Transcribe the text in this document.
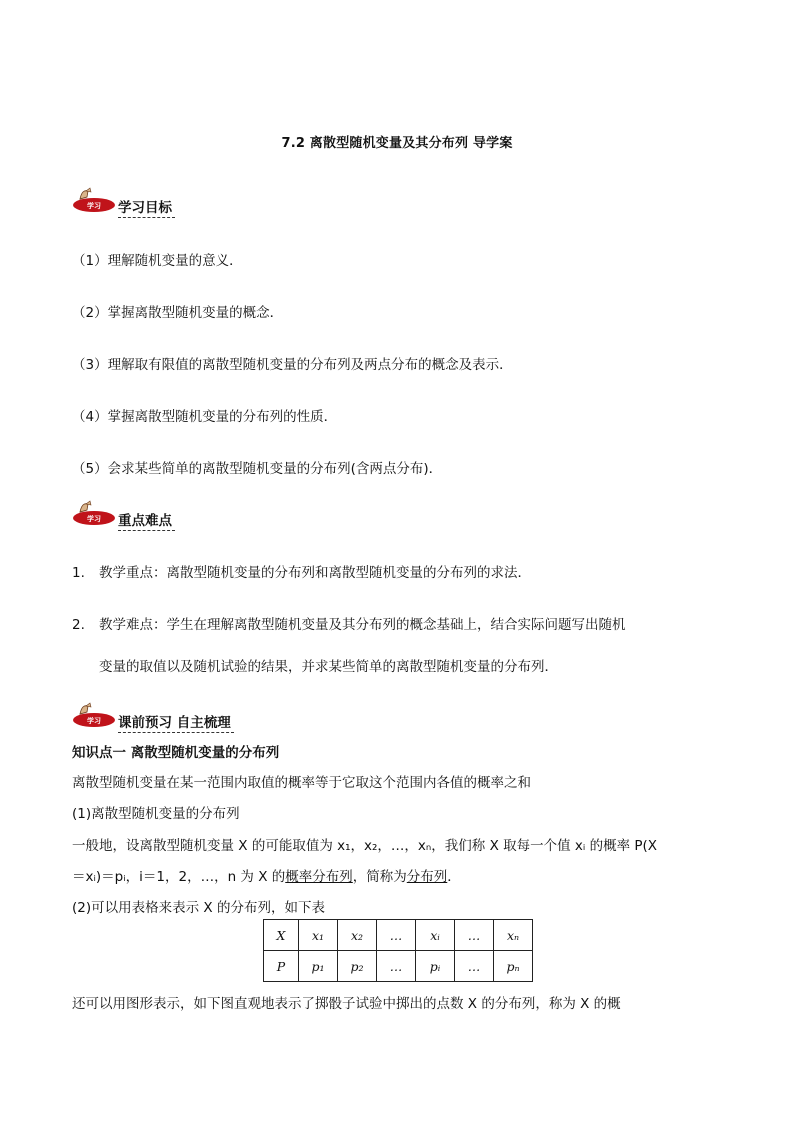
7.2 离散型随机变量及其分布列 导学案
学习 学习目标
（1）理解随机变量的意义．
（2）掌握离散型随机变量的概念．
（3）理解取有限值的离散型随机变量的分布列及两点分布的概念及表示．
（4）掌握离散型随机变量的分布列的性质．
（5）会求某些简单的离散型随机变量的分布列(含两点分布)．
学习 重点难点
1. 教学重点：离散型随机变量的分布列和离散型随机变量的分布列的求法．
2. 教学难点：学生在理解离散型随机变量及其分布列的概念基础上，结合实际问题写出随机
变量的取值以及随机试验的结果，并求某些简单的离散型随机变量的分布列．
学习 课前预习 自主梳理
知识点一 离散型随机变量的分布列
离散型随机变量在某一范围内取值的概率等于它取这个范围内各值的概率之和
(1)离散型随机变量的分布列
一般地，设离散型随机变量 X 的可能取值为 x₁，x₂，…，xₙ，我们称 X 取每一个值 xᵢ 的概率 P(X
＝xᵢ)＝pᵢ，i＝1，2，…，n 为 X 的概率分布列，简称为分布列．
(2)可以用表格来表示 X 的分布列，如下表
X	x₁	x₂	…	xᵢ	…	xₙ
P	p₁	p₂	…	pᵢ	…	pₙ
还可以用图形表示，如下图直观地表示了掷骰子试验中掷出的点数 X 的分布列，称为 X 的概
